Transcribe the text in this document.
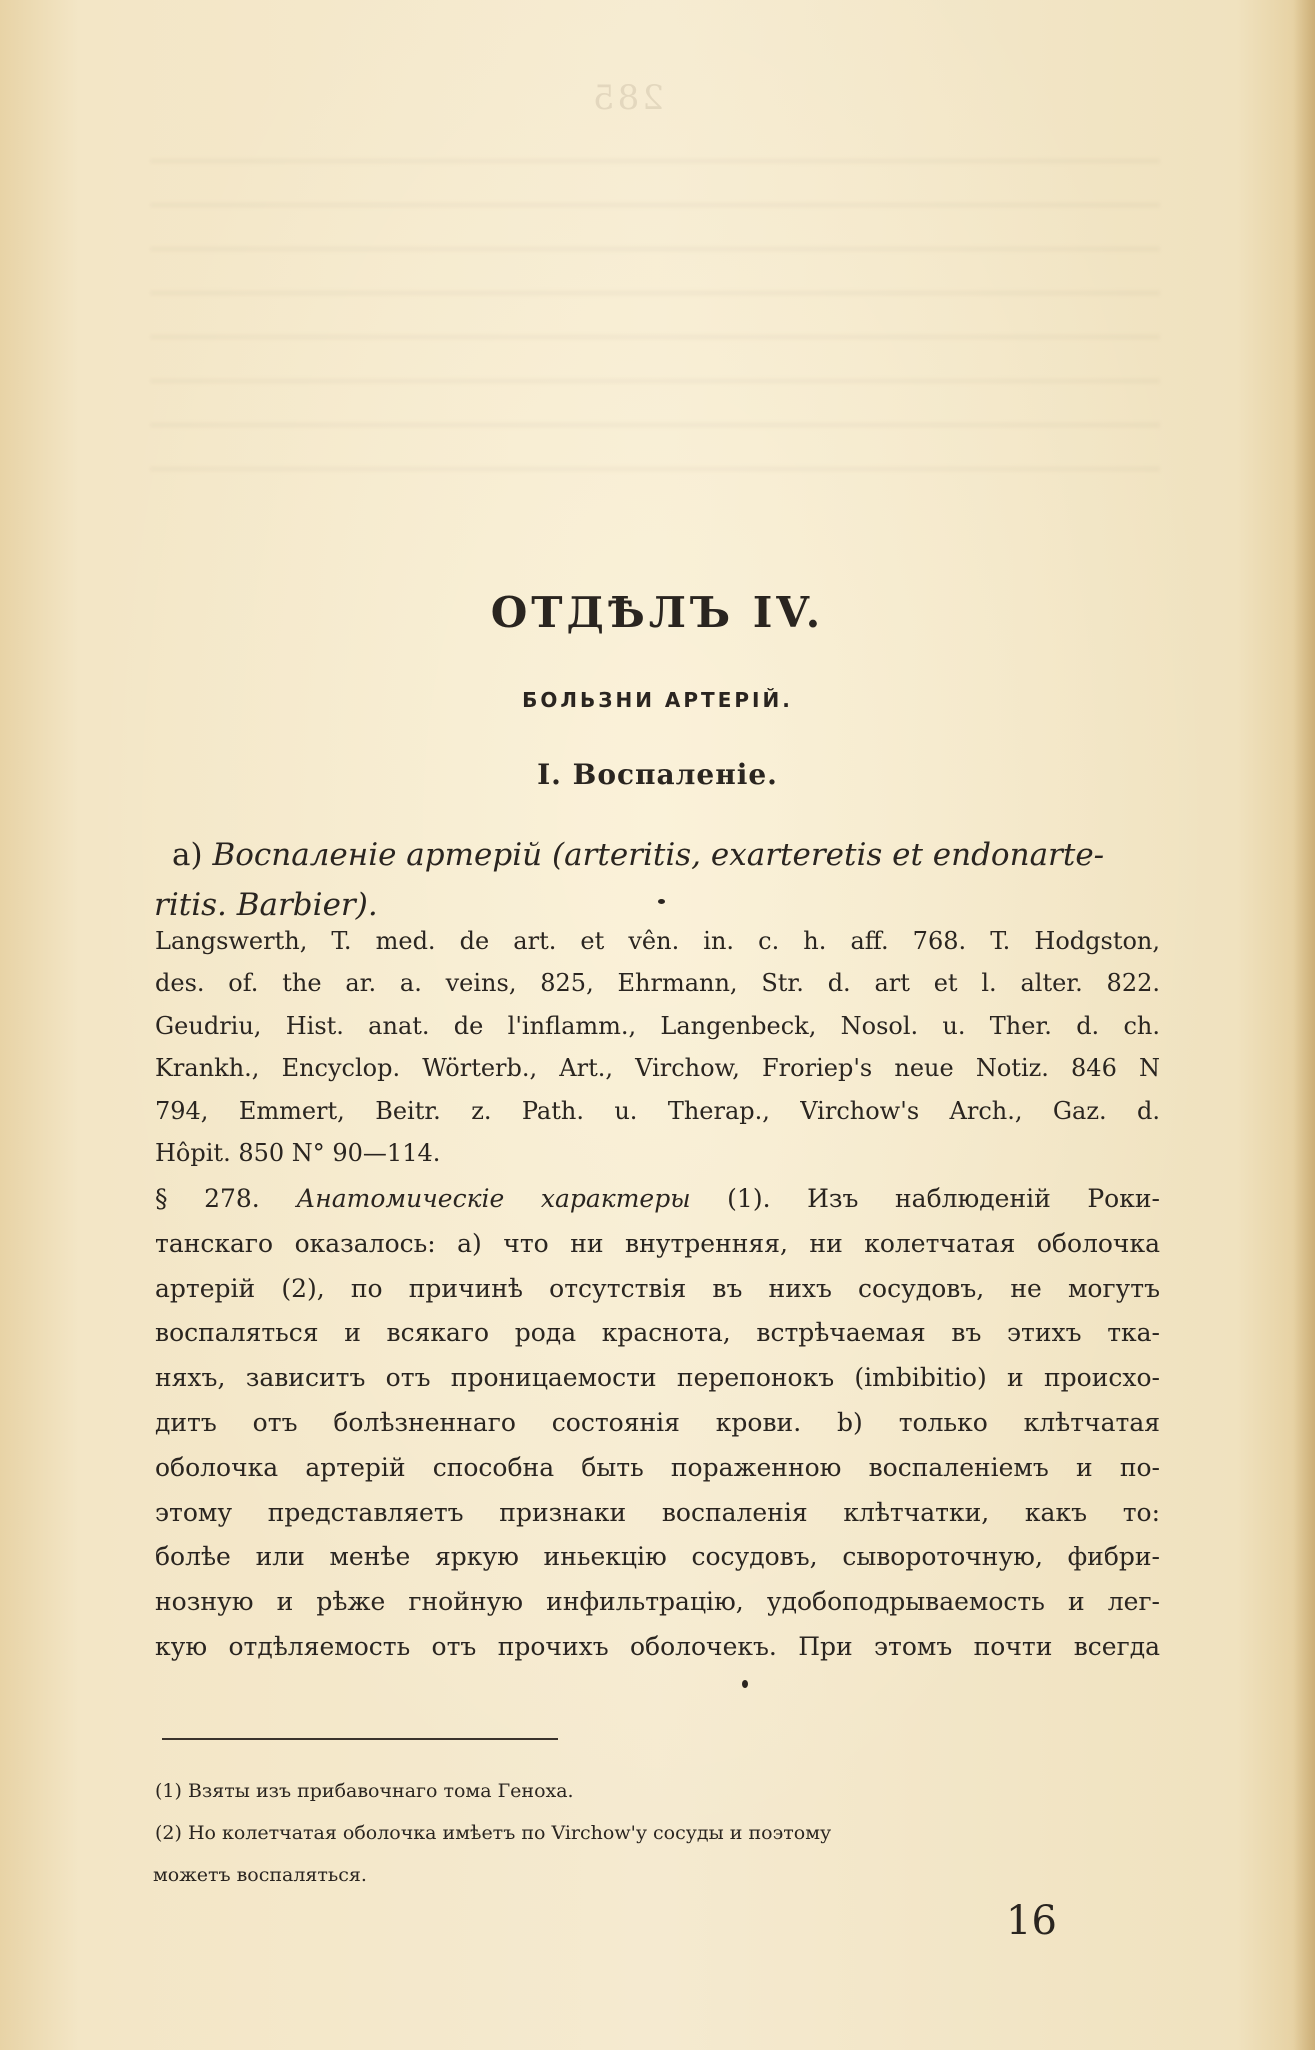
285
ОТДѢЛЪ IV.
БОЛЬЗНИ АРТЕРІЙ.
I. Воспаленіе.

а) Воспаленіе артерій (arteritis, exarteretis et endonarte-
ritis. Barbier).

Langswerth, T. med. de art. et vên. in. c. h. aff. 768. T. Hodgston,
des. of. the ar. a. veins, 825, Ehrmann, Str. d. art et l. alter. 822.
Geudriu, Hist. anat. de l'inflamm., Langenbeck, Nosol. u. Ther. d. ch.
Krankh., Encyclop. Wörterb., Art., Virchow, Froriep's neue Notiz. 846 N
794, Emmert, Beitr. z. Path. u. Therap., Virchow's Arch., Gaz. d.
Hôpit. 850 N° 90—114.

§ 278. Анатомическіе характеры (1). Изъ наблюденій Роки-
танскаго оказалось: а) что ни внутренняя, ни колетчатая оболочка
артерій (2), по причинѣ отсутствія въ нихъ сосудовъ, не могутъ
воспаляться и всякаго рода краснота, встрѣчаемая въ этихъ тка-
няхъ, зависитъ отъ проницаемости перепонокъ (imbibitio) и происхо-
дитъ отъ болѣзненнаго состоянія крови. b) только клѣтчатая
оболочка артерій способна быть пораженною воспаленіемъ и по-
этому представляетъ признаки воспаленія клѣтчатки, какъ то:
болѣе или менѣе яркую иньекцію сосудовъ, сывороточную, фибри-
нозную и рѣже гнойную инфильтрацію, удобоподрываемость и лег-
кую отдѣляемость отъ прочихъ оболочекъ. При этомъ почти всегда

(1) Взяты изъ прибавочнаго тома Геноха.
(2) Но колетчатая оболочка имѣетъ по Virchow'у сосуды и поэтому
можетъ воспаляться.

16
